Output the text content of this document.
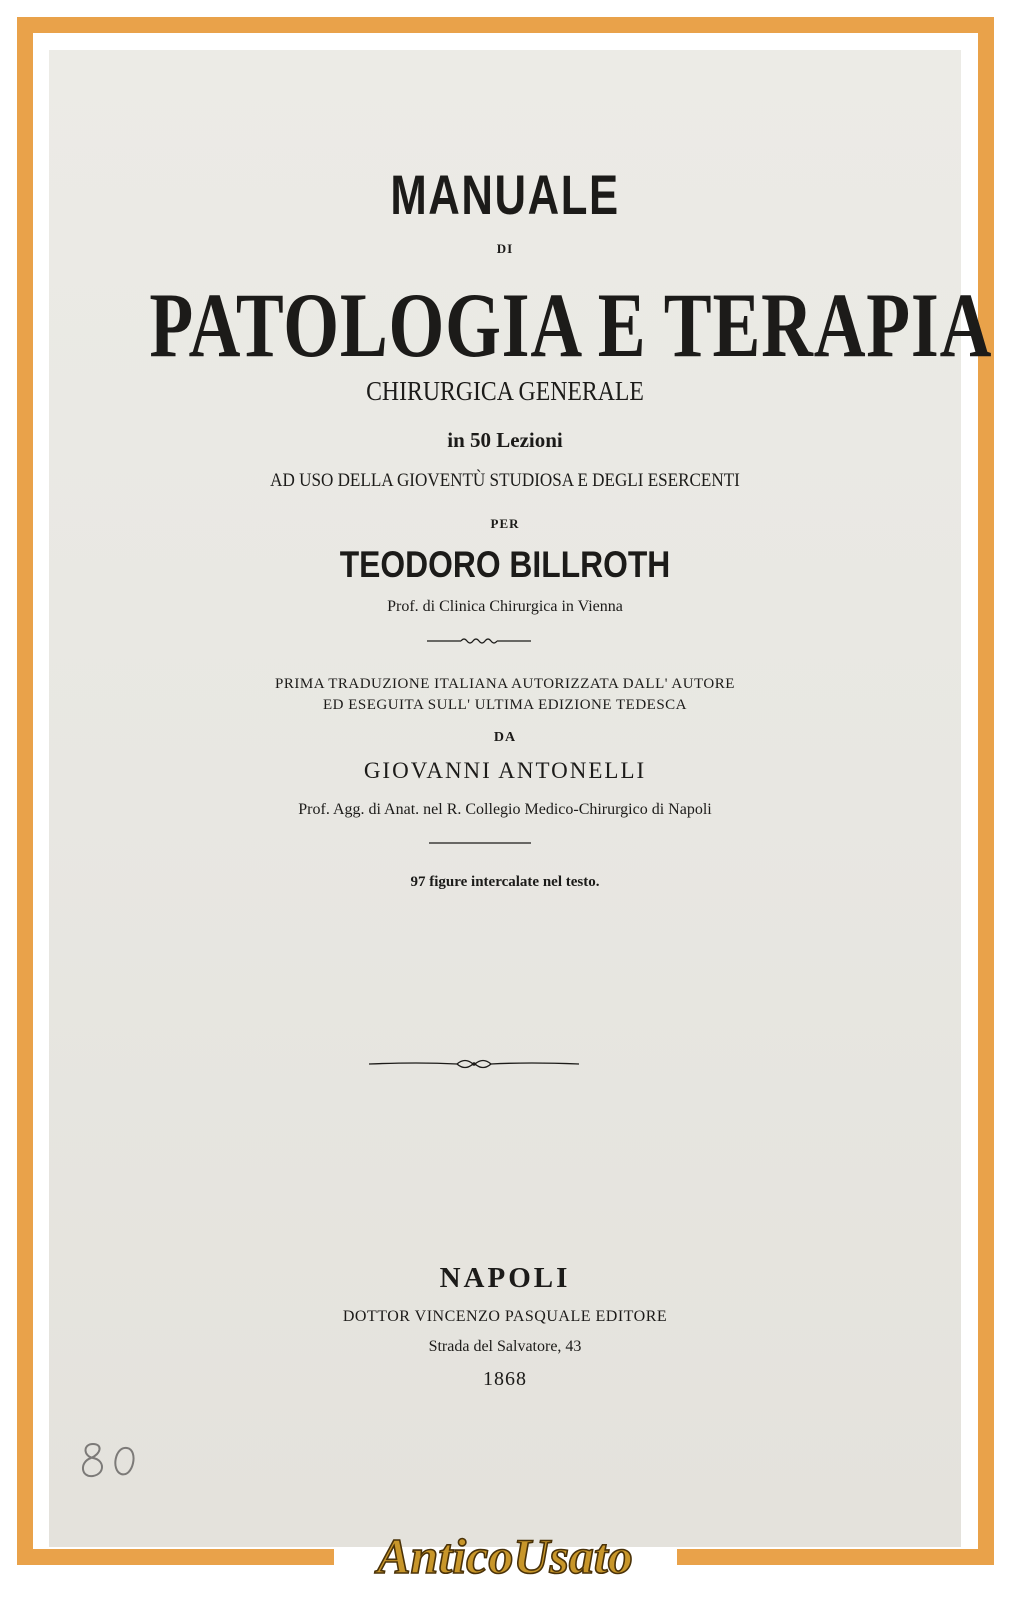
MANUALE
DI
PATOLOGIA E TERAPIA
CHIRURGICA GENERALE
in 50 Lezioni
AD USO DELLA GIOVENTÙ STUDIOSA E DEGLI ESERCENTI
PER
TEODORO BILLROTH
Prof. di Clinica Chirurgica in Vienna
PRIMA TRADUZIONE ITALIANA AUTORIZZATA DALL' AUTORE
ED ESEGUITA SULL' ULTIMA EDIZIONE TEDESCA
DA
GIOVANNI ANTONELLI
Prof. Agg. di Anat. nel R. Collegio Medico-Chirurgico di Napoli
97 figure intercalate nel testo.
NAPOLI
DOTTOR VINCENZO PASQUALE EDITORE
Strada del Salvatore, 43
1868
AnticoUsato
